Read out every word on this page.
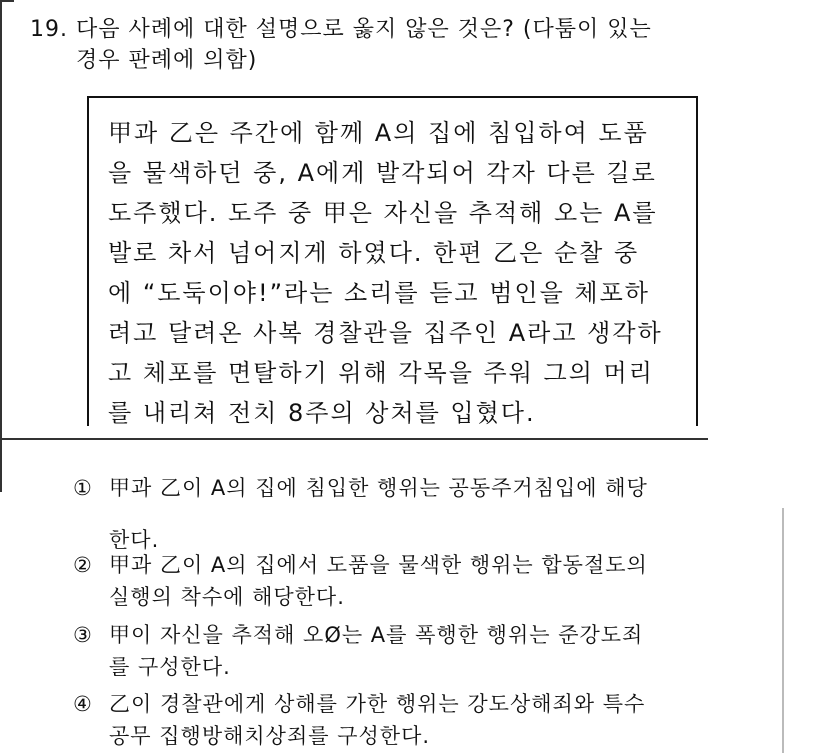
19. 다음 사례에 대한 설명으로 옳지 않은 것은? (다툼이 있는
경우 판례에 의함)
甲과 乙은 주간에 함께 A의 집에 침입하여 도품
을 물색하던 중, A에게 발각되어 각자 다른 길로
도주했다. 도주 중 甲은 자신을 추적해 오는 A를
발로 차서 넘어지게 하였다. 한편 乙은 순찰 중
에 “도둑이야!”라는 소리를 듣고 범인을 체포하
려고 달려온 사복 경찰관을 집주인 A라고 생각하
고 체포를 면탈하기 위해 각목을 주워 그의 머리
를 내리쳐 전치 8주의 상처를 입혔다.
① 甲과 乙이 A의 집에 침입한 행위는 공동주거침입에 해당
한다.
② 甲과 乙이 A의 집에서 도품을 물색한 행위는 합동절도의
실행의 착수에 해당한다.
③ 甲이 자신을 추적해 오Ø는 A를 폭행한 행위는 준강도죄
를 구성한다.
④ 乙이 경찰관에게 상해를 가한 행위는 강도상해죄와 특수
공무 집행방해치상죄를 구성한다.
